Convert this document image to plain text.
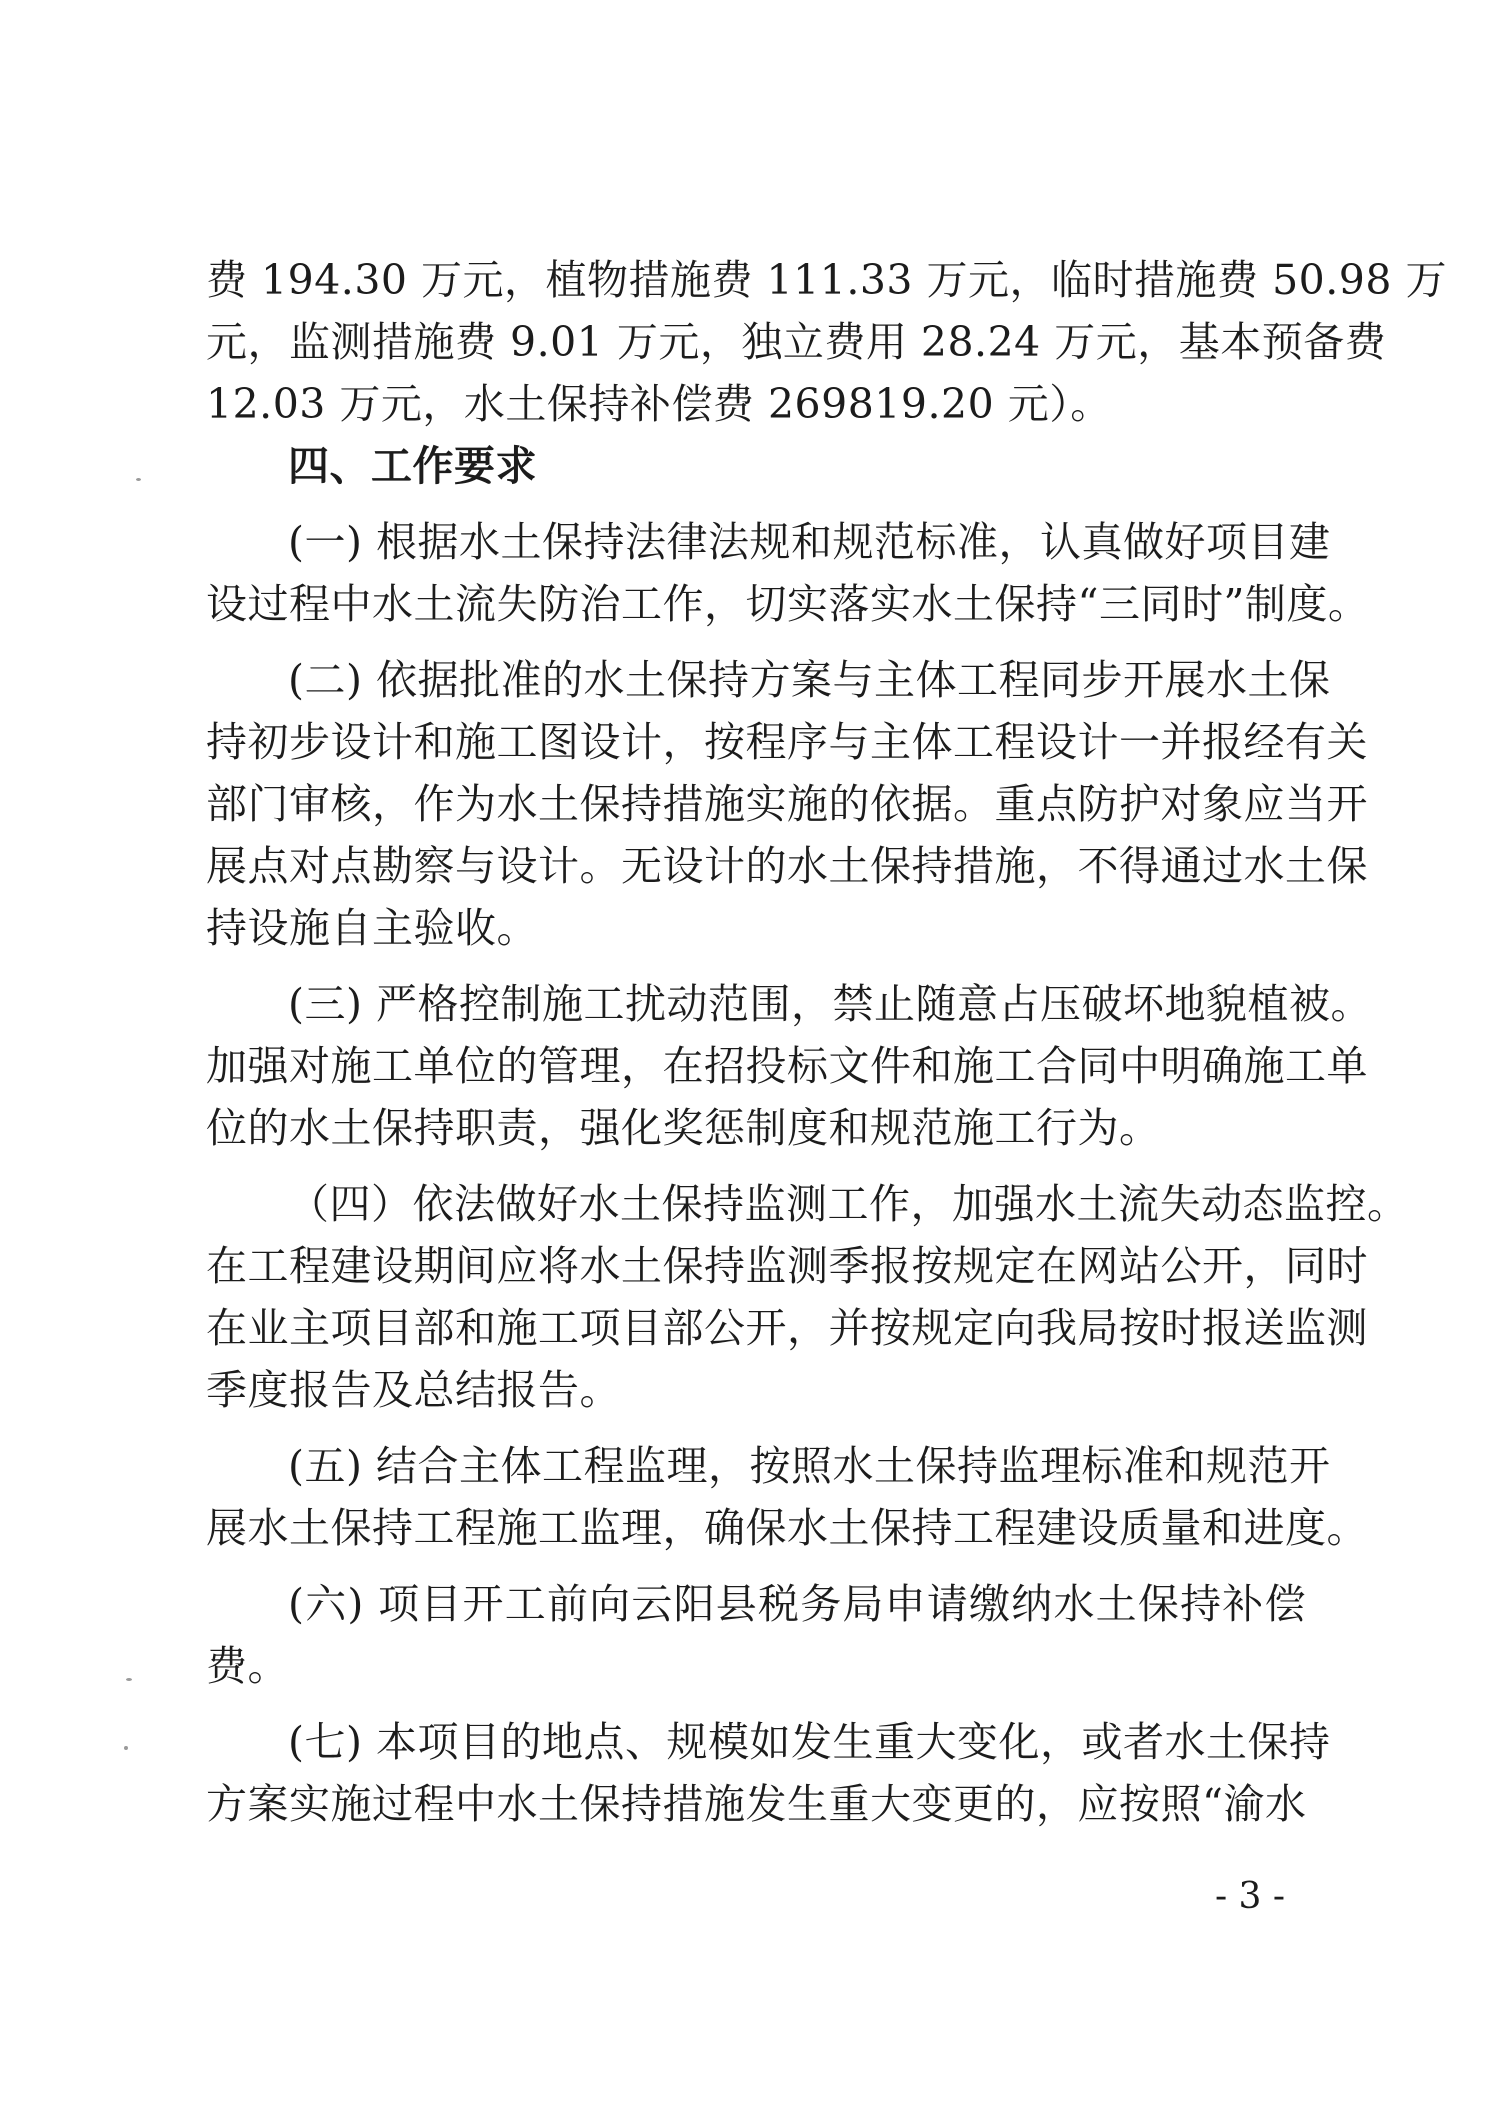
费 194.30 万元，植物措施费 111.33 万元，临时措施费 50.98 万
元，监测措施费 9.01 万元，独立费用 28.24 万元，基本预备费
12.03 万元，水土保持补偿费 269819.20 元）。
四、工作要求
(一) 根据水土保持法律法规和规范标准，认真做好项目建
设过程中水土流失防治工作，切实落实水土保持“三同时”制度。
(二) 依据批准的水土保持方案与主体工程同步开展水土保
持初步设计和施工图设计，按程序与主体工程设计一并报经有关
部门审核，作为水土保持措施实施的依据。重点防护对象应当开
展点对点勘察与设计。无设计的水土保持措施，不得通过水土保
持设施自主验收。
(三) 严格控制施工扰动范围，禁止随意占压破坏地貌植被。
加强对施工单位的管理，在招投标文件和施工合同中明确施工单
位的水土保持职责，强化奖惩制度和规范施工行为。
（四）依法做好水土保持监测工作，加强水土流失动态监控。
在工程建设期间应将水土保持监测季报按规定在网站公开，同时
在业主项目部和施工项目部公开，并按规定向我局按时报送监测
季度报告及总结报告。
(五) 结合主体工程监理，按照水土保持监理标准和规范开
展水土保持工程施工监理，确保水土保持工程建设质量和进度。
(六) 项目开工前向云阳县税务局申请缴纳水土保持补偿
费。
(七) 本项目的地点、规模如发生重大变化，或者水土保持
方案实施过程中水土保持措施发生重大变更的，应按照“渝水
- 3 -
